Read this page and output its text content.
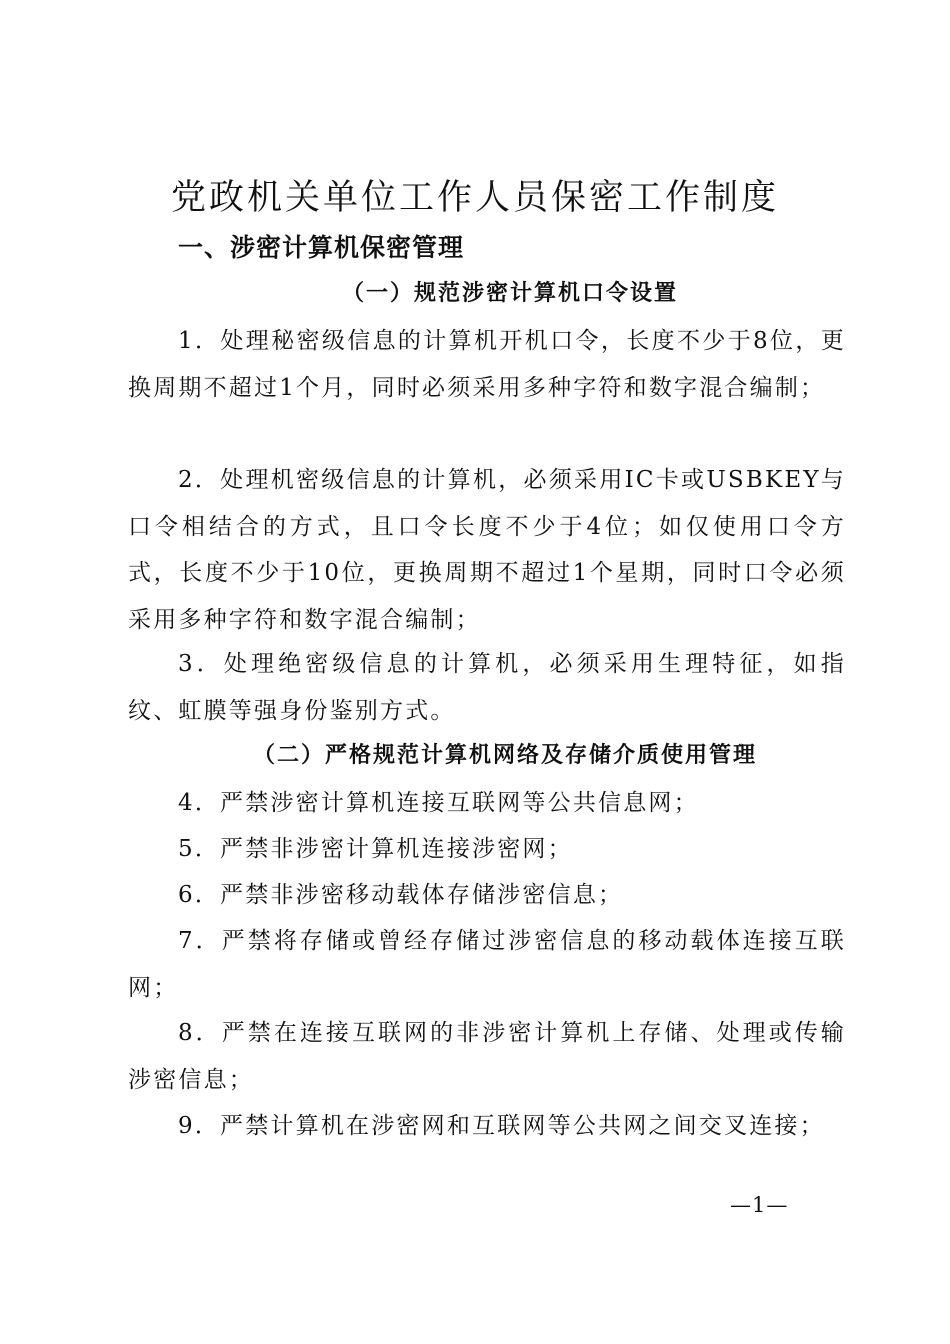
党政机关单位工作人员保密工作制度
一、涉密计算机保密管理
（一）规范涉密计算机口令设置
1．处理秘密级信息的计算机开机口令，长度不少于8位，更换周期不超过1个月，同时必须采用多种字符和数字混合编制；
2．处理机密级信息的计算机，必须采用IC卡或USBKEY与口令相结合的方式，且口令长度不少于4位；如仅使用口令方式，长度不少于10位，更换周期不超过1个星期，同时口令必须采用多种字符和数字混合编制；
3．处理绝密级信息的计算机，必须采用生理特征，如指纹、虹膜等强身份鉴别方式。
（二）严格规范计算机网络及存储介质使用管理
4．严禁涉密计算机连接互联网等公共信息网；
5．严禁非涉密计算机连接涉密网；
6．严禁非涉密移动载体存储涉密信息；
7．严禁将存储或曾经存储过涉密信息的移动载体连接互联网；
8．严禁在连接互联网的非涉密计算机上存储、处理或传输涉密信息；
9．严禁计算机在涉密网和互联网等公共网之间交叉连接；
—1—
